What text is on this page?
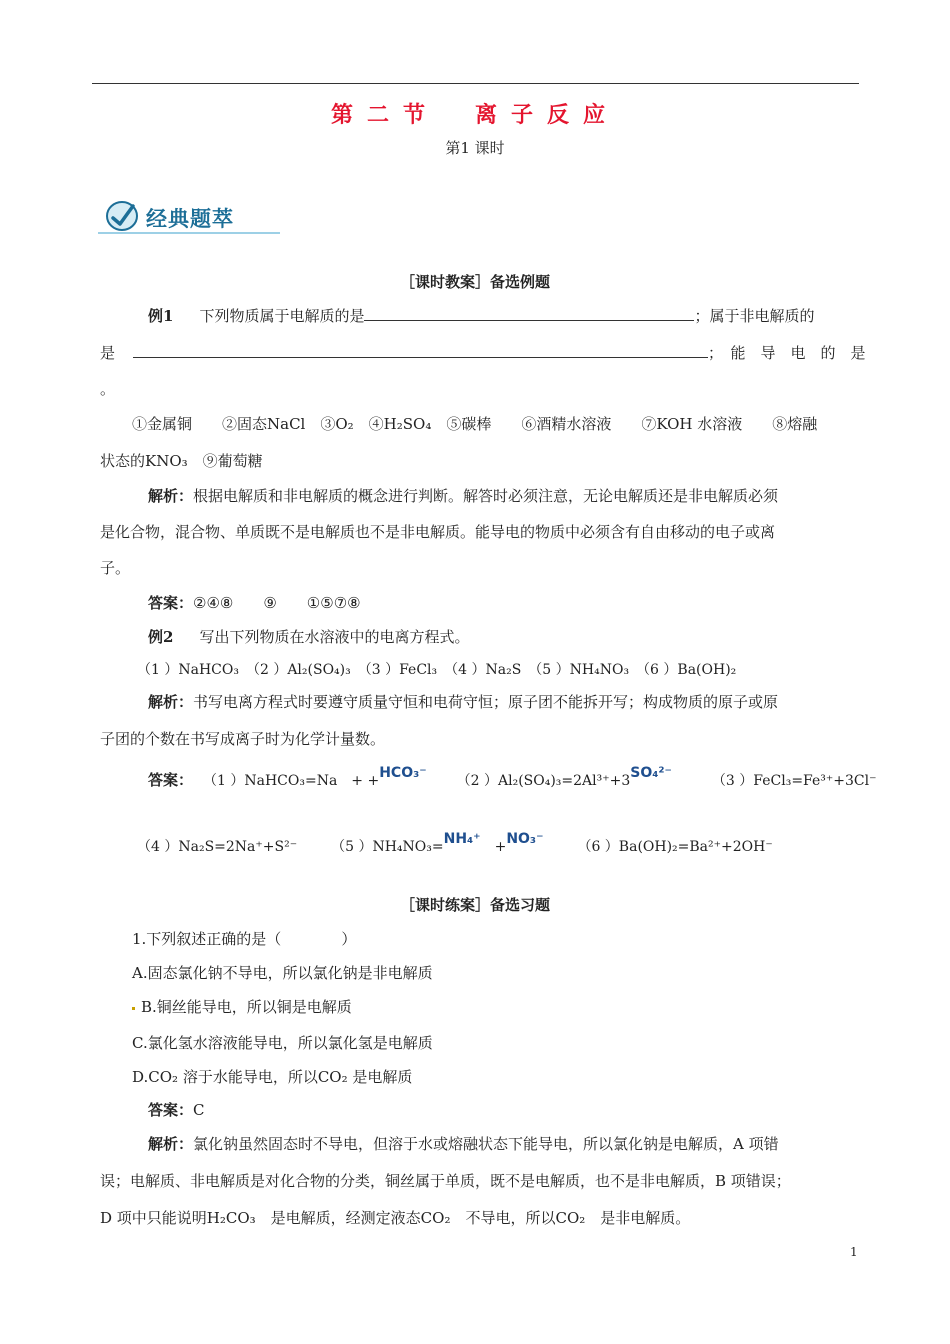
第二节　离子反应
第1 课时
经典题萃
［课时教案］备选例题
例1 下列物质属于电解质的是	；属于非电解质的
是	；　能　导　电　的　是
。
①金属铜　　②固态NaCl　③O₂　④H₂SO₄　⑤碳棒　　⑥酒精水溶液　　⑦KOH 水溶液　　⑧熔融
状态的KNO₃　⑨葡萄糖
解析：根据电解质和非电解质的概念进行判断。解答时必须注意，无论电解质还是非电解质必须
是化合物，混合物、单质既不是电解质也不是非电解质。能导电的物质中必须含有自由移动的电子或离
子。
答案：②④⑧　　⑨　　①⑤⑦⑧
例2 写出下列物质在水溶液中的电离方程式。
（1 ）NaHCO₃　（2 ）Al₂(SO₄)₃　（3 ）FeCl₃　（4 ）Na₂S　（5 ）NH₄NO₃　（6 ）Ba(OH)₂
解析：书写电离方程式时要遵守质量守恒和电荷守恒；原子团不能拆开写；构成物质的原子或原
子团的个数在书写成离子时为化学计量数。
答案： （1 ）NaHCO₃=Na　+ +HCO₃⁻ （2 ）Al₂(SO₄)₃=2Al³⁺+3SO₄²⁻	（3 ）FeCl₃=Fe³⁺+3Cl⁻
（4 ）Na₂S=2Na⁺+S²⁻ （5 ）NH₄NO₃=NH₄⁺ +NO₃⁻ （6 ）Ba(OH)₂=Ba²⁺+2OH⁻
［课时练案］备选习题
1.下列叙述正确的是（　　　　）
A.固态氯化钠不导电，所以氯化钠是非电解质
B.铜丝能导电，所以铜是电解质
C.氯化氢水溶液能导电，所以氯化氢是电解质
D.CO₂ 溶于水能导电，所以CO₂ 是电解质
答案：C
解析：氯化钠虽然固态时不导电，但溶于水或熔融状态下能导电，所以氯化钠是电解质，A 项错
误；电解质、非电解质是对化合物的分类，铜丝属于单质，既不是电解质，也不是非电解质，B 项错误；
D 项中只能说明H₂CO₃　是电解质，经测定液态CO₂　不导电，所以CO₂　是非电解质。
1
